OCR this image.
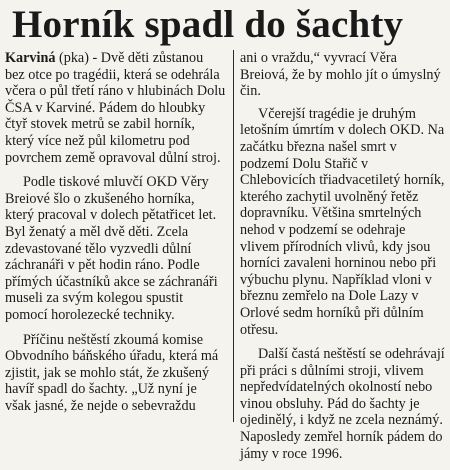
Horník spadl do šachty

Karviná (pka) - Dvě děti zůstanou bez otce po tragédii, která se odehrála včera o půl třetí ráno v hlubinách Dolu ČSA v Karviné. Pádem do hloubky čtyř stovek metrů se zabil horník, který více než půl kilometru pod povrchem země opravoval důlní stroj.

Podle tiskové mluvčí OKD Věry Breiové šlo o zkušeného horníka, který pracoval v dolech pětatřicet let. Byl ženatý a měl dvě děti. Zcela zdevastované tělo vyzvedli důlní záchranáři v pět hodin ráno. Podle přímých účastníků akce se záchranáři museli za svým kolegou spustit pomocí horolezecké techniky.

Příčinu neštěstí zkoumá komise Obvodního báňského úřadu, která má zjistit, jak se mohlo stát, že zkušený havíř spadl do šachty. „Už nyní je však jasné, že nejde o sebevraždu

ani o vraždu,“ vyvrací Věra Breiová, že by mohlo jít o úmyslný čin.

Včerejší tragédie je druhým letošním úmrtím v dolech OKD. Na začátku března našel smrt v podzemí Dolu Stařič v Chlebovicích třiadvacetiletý horník, kterého zachytil uvolněný řetěz dopravníku. Většina smrtelných nehod v podzemí se odehraje vlivem přírodních vlivů, kdy jsou horníci zavaleni horninou nebo při výbuchu plynu. Například vloni v březnu zemřelo na Dole Lazy v Orlové sedm horníků při důlním otřesu.

Další častá neštěstí se odehrávají při práci s důlními stroji, vlivem nepředvídatelných okolností nebo vinou obsluhy. Pád do šachty je ojedinělý, i když ne zcela neznámý. Naposledy zemřel horník pádem do jámy v roce 1996.
